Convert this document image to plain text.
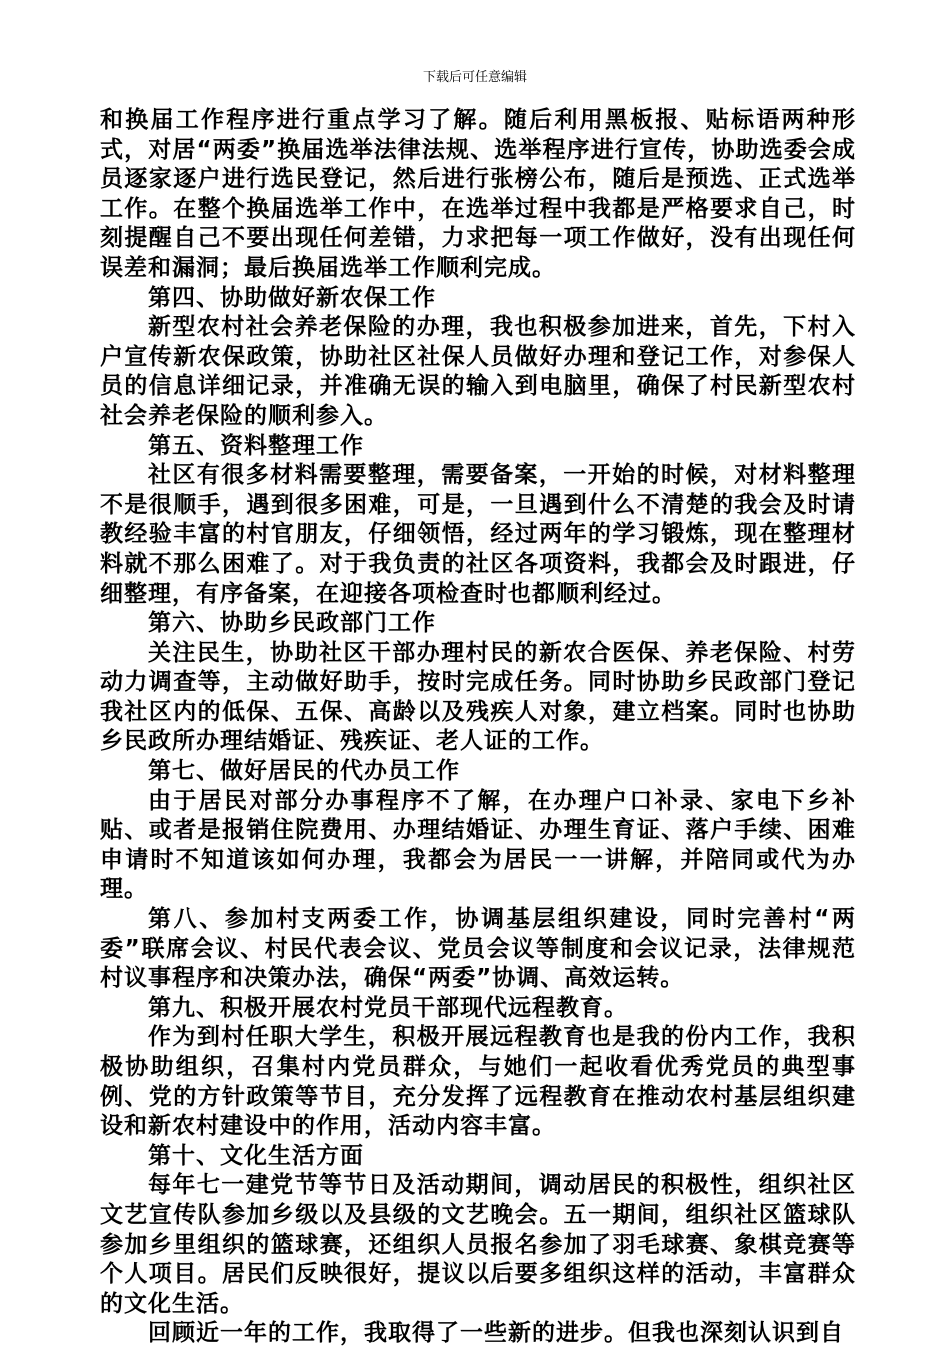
下载后可任意编辑

和换届工作程序进行重点学习了解。随后利用黑板报、贴标语两种形式，对居“两委”换届选举法律法规、选举程序进行宣传，协助选委会成员逐家逐户进行选民登记，然后进行张榜公布，随后是预选、正式选举工作。在整个换届选举工作中，在选举过程中我都是严格要求自己，时刻提醒自己不要出现任何差错，力求把每一项工作做好，没有出现任何误差和漏洞；最后换届选举工作顺利完成。

第四、协助做好新农保工作

新型农村社会养老保险的办理，我也积极参加进来，首先，下村入户宣传新农保政策，协助社区社保人员做好办理和登记工作，对参保人员的信息详细记录，并准确无误的输入到电脑里，确保了村民新型农村社会养老保险的顺利参入。

第五、资料整理工作

社区有很多材料需要整理，需要备案，一开始的时候，对材料整理不是很顺手，遇到很多困难，可是，一旦遇到什么不清楚的我会及时请教经验丰富的村官朋友，仔细领悟，经过两年的学习锻炼，现在整理材料就不那么困难了。对于我负责的社区各项资料，我都会及时跟进，仔细整理，有序备案，在迎接各项检查时也都顺利经过。

第六、协助乡民政部门工作

关注民生，协助社区干部办理村民的新农合医保、养老保险、村劳动力调查等，主动做好助手，按时完成任务。同时协助乡民政部门登记我社区内的低保、五保、高龄以及残疾人对象，建立档案。同时也协助乡民政所办理结婚证、残疾证、老人证的工作。

第七、做好居民的代办员工作

由于居民对部分办事程序不了解，在办理户口补录、家电下乡补贴、或者是报销住院费用、办理结婚证、办理生育证、落户手续、困难申请时不知道该如何办理，我都会为居民一一讲解，并陪同或代为办理。

第八、参加村支两委工作，协调基层组织建设，同时完善村“两委”联席会议、村民代表会议、党员会议等制度和会议记录，法律规范村议事程序和决策办法，确保“两委”协调、高效运转。

第九、积极开展农村党员干部现代远程教育。

作为到村任职大学生，积极开展远程教育也是我的份内工作，我积极协助组织，召集村内党员群众，与她们一起收看优秀党员的典型事例、党的方针政策等节目，充分发挥了远程教育在推动农村基层组织建设和新农村建设中的作用，活动内容丰富。

第十、文化生活方面

每年七一建党节等节日及活动期间，调动居民的积极性，组织社区文艺宣传队参加乡级以及县级的文艺晚会。五一期间，组织社区篮球队参加乡里组织的篮球赛，还组织人员报名参加了羽毛球赛、象棋竞赛等个人项目。居民们反映很好，提议以后要多组织这样的活动，丰富群众的文化生活。

回顾近一年的工作，我取得了一些新的进步。但我也深刻认识到自
